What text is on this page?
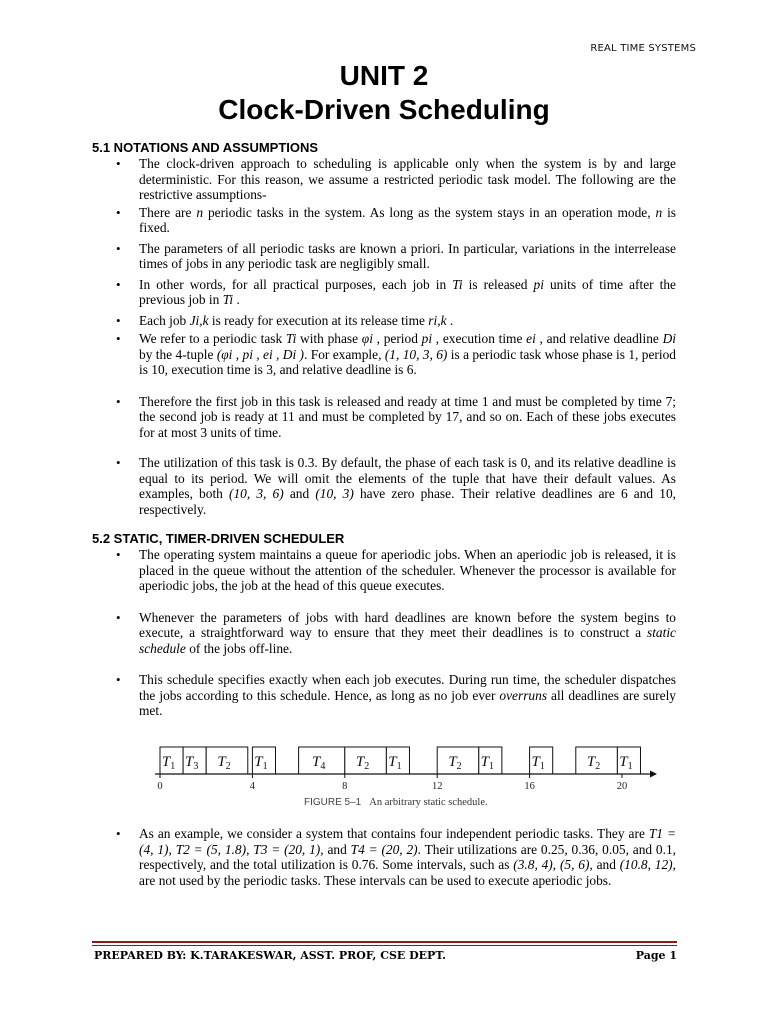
REAL TIME SYSTEMS
UNIT 2
Clock-Driven Scheduling
5.1 NOTATIONS AND ASSUMPTIONS
• The clock-driven approach to scheduling is applicable only when the system is by and large deterministic. For this reason, we assume a restricted periodic task model. The following are the restrictive assumptions-
• There are n periodic tasks in the system. As long as the system stays in an operation mode, n is fixed.
• The parameters of all periodic tasks are known a priori. In particular, variations in the interrelease times of jobs in any periodic task are negligibly small.
• In other words, for all practical purposes, each job in Ti is released pi units of time after the previous job in Ti .
• Each job Ji,k is ready for execution at its release time ri,k .
• We refer to a periodic task Ti with phase φi , period pi , execution time ei , and relative deadline Di by the 4-tuple (φi , pi , ei , Di ). For example, (1, 10, 3, 6) is a periodic task whose phase is 1, period is 10, execution time is 3, and relative deadline is 6.
• Therefore the first job in this task is released and ready at time 1 and must be completed by time 7; the second job is ready at 11 and must be completed by 17, and so on. Each of these jobs executes for at most 3 units of time.
• The utilization of this task is 0.3. By default, the phase of each task is 0, and its relative deadline is equal to its period. We will omit the elements of the tuple that have their default values. As examples, both (10, 3, 6) and (10, 3) have zero phase. Their relative deadlines are 6 and 10, respectively.
5.2 STATIC, TIMER-DRIVEN SCHEDULER
• The operating system maintains a queue for aperiodic jobs. When an aperiodic job is released, it is placed in the queue without the attention of the scheduler. Whenever the processor is available for aperiodic jobs, the job at the head of this queue executes.
• Whenever the parameters of jobs with hard deadlines are known before the system begins to execute, a straightforward way to ensure that they meet their deadlines is to construct a static schedule of the jobs off-line.
• This schedule specifies exactly when each job executes. During run time, the scheduler dispatches the jobs according to this schedule. Hence, as long as no job ever overruns all deadlines are surely met.
$T_1$ $T_3$ $T_2$ $T_1$	$T_4$ $T_2$ $T_1$	$T_2$ $T_1$ $T_1$	$T_2$ $T_1$
0	4	8	12	16	20
FIGURE 5–1 An arbitrary static schedule.
• As an example, we consider a system that contains four independent periodic tasks. They are T1 = (4, 1), T2 = (5, 1.8), T3 = (20, 1), and T4 = (20, 2). Their utilizations are 0.25, 0.36, 0.05, and 0.1, respectively, and the total utilization is 0.76. Some intervals, such as (3.8, 4), (5, 6), and (10.8, 12), are not used by the periodic tasks. These intervals can be used to execute aperiodic jobs.
PREPARED BY: K.TARAKESWAR, ASST. PROF, CSE DEPT.	Page 1
